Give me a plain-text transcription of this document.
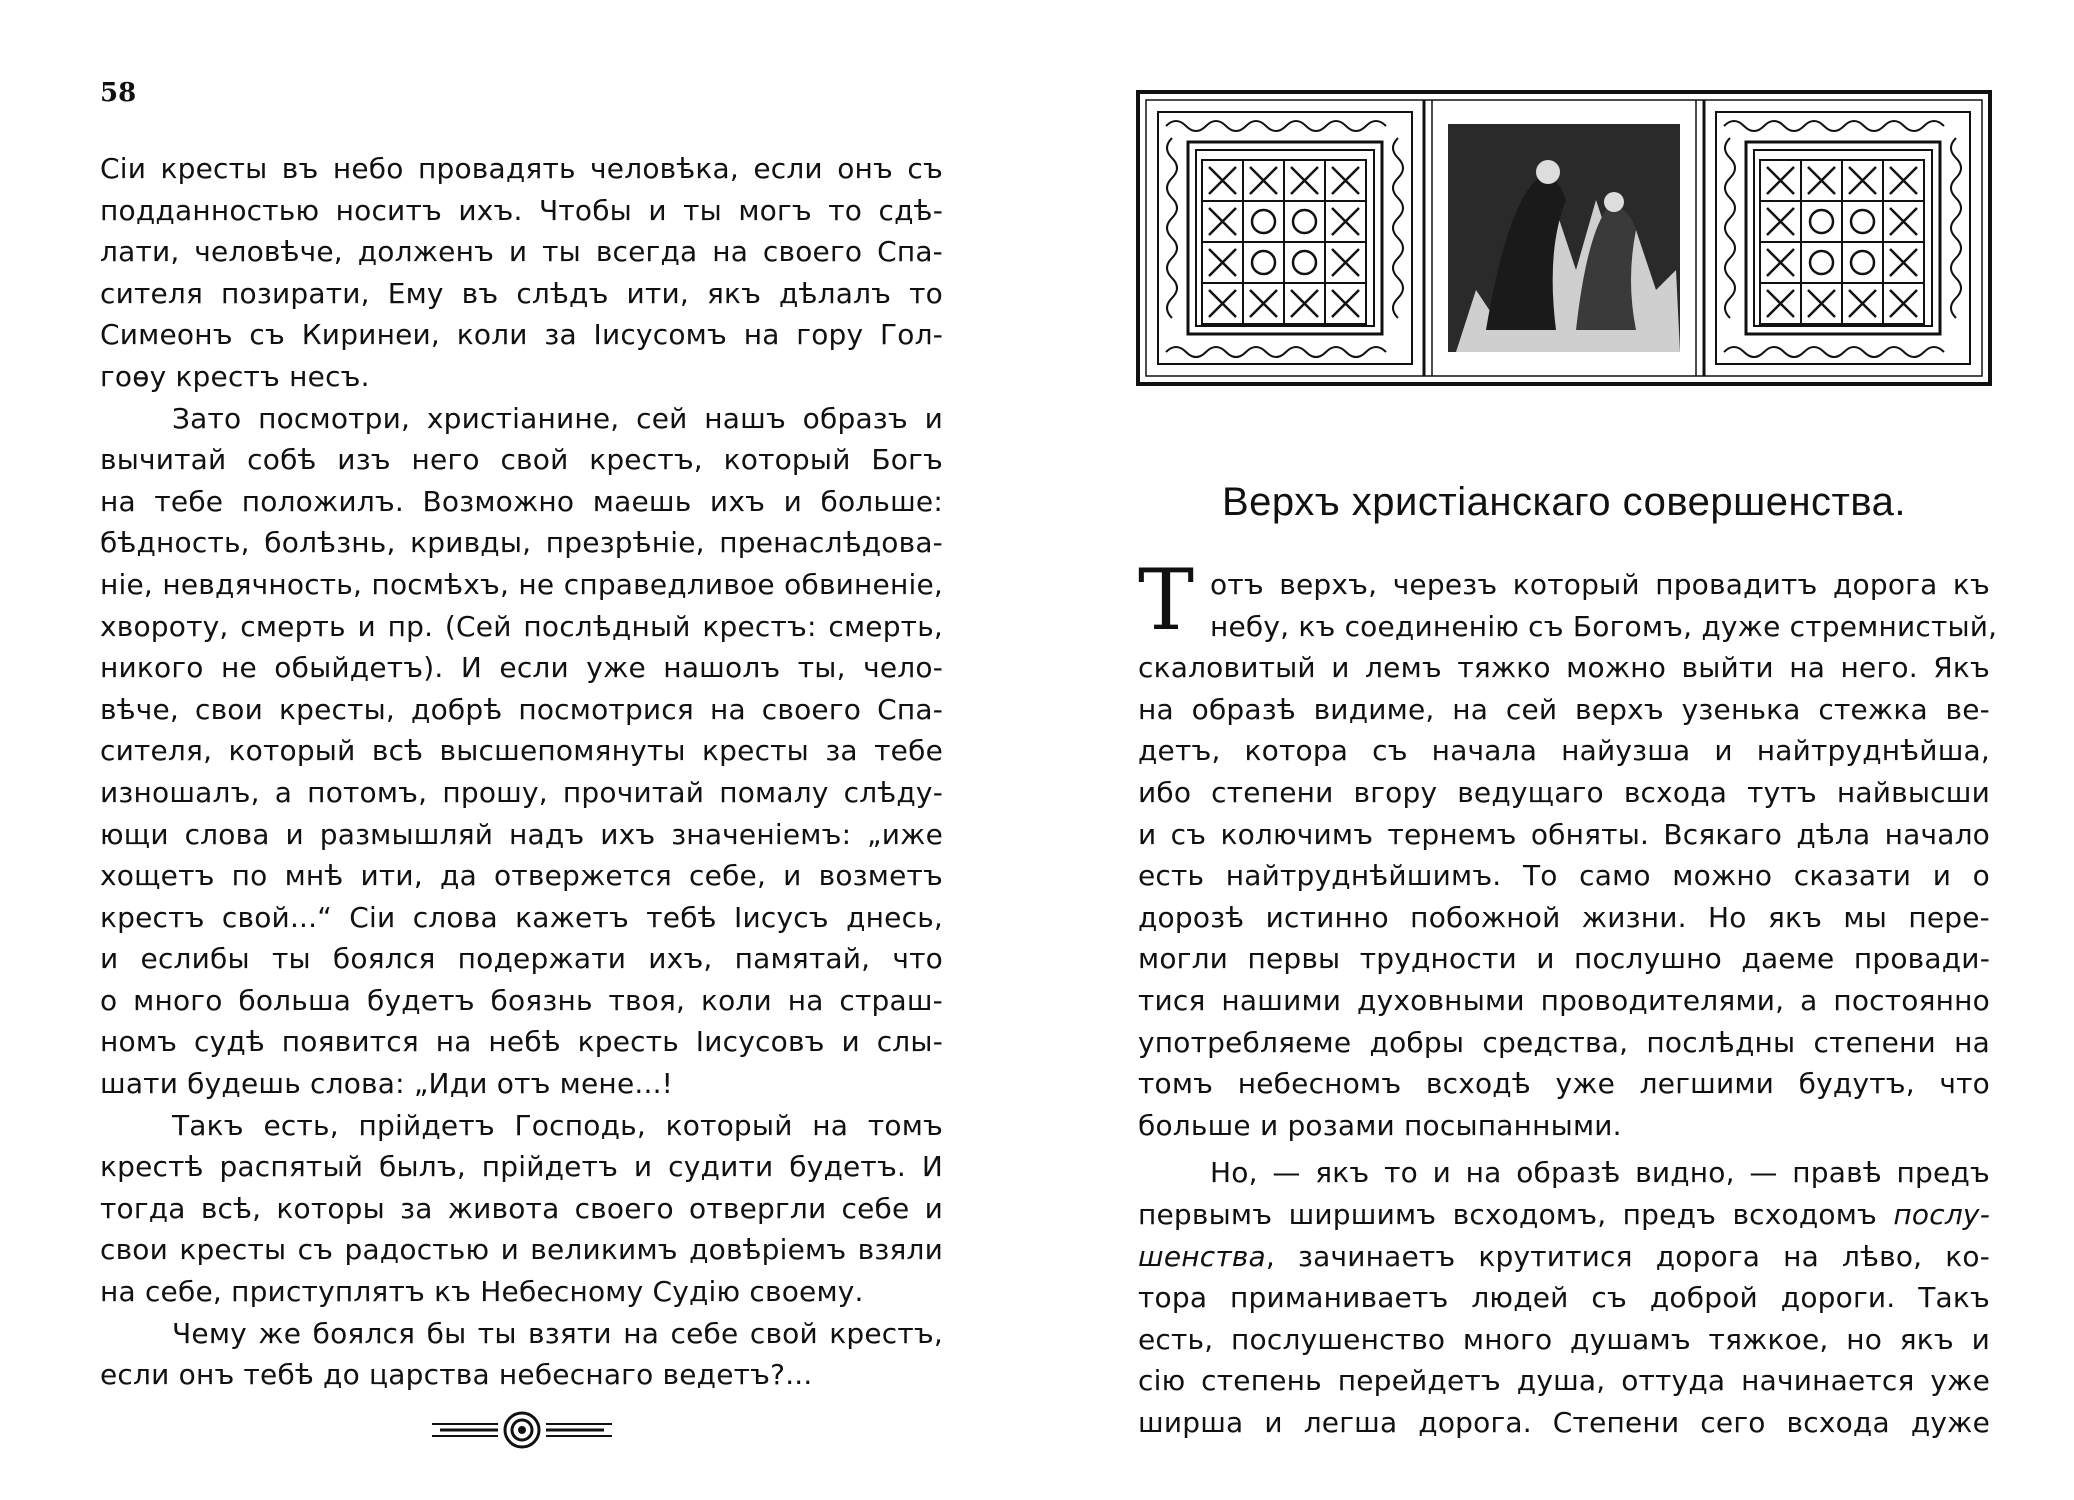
58
Сіи кресты въ небо провадять человѣка, если онъ съ
подданностью носитъ ихъ. Чтобы и ты могъ то сдѣ-
лати, человѣче, долженъ и ты всегда на своего Спа-
сителя позирати, Ему въ слѣдъ ити, якъ дѣлалъ то
Симеонъ съ Киринеи, коли за Іисусомъ на гору Гол-
гоѳу крестъ несъ.
Зато посмотри, христіанине, сей нашъ образъ и
вычитай собѣ изъ него свой крестъ, который Богъ
на тебе положилъ. Возможно маешь ихъ и больше:
бѣдность, болѣзнь, кривды, презрѣніе, пренаслѣдова-
ніе, невдячность, посмѣхъ, не справедливое обвиненіе,
хвороту, смерть и пр. (Сей послѣдный крестъ: смерть,
никого не обыйдетъ). И если уже нашолъ ты, чело-
вѣче, свои кресты, добрѣ посмотрися на своего Спа-
сителя, который всѣ высшепомянуты кресты за тебе
изношалъ, а потомъ, прошу, прочитай помалу слѣду-
ющи слова и размышляй надъ ихъ значеніемъ: „иже
хощетъ по мнѣ ити, да отвержется себе, и возметъ
крестъ свой...“ Сіи слова кажетъ тебѣ Іисусъ днесь,
и еслибы ты боялся подержати ихъ, памятай, что
о много больша будетъ боязнь твоя, коли на страш-
номъ судѣ появится на небѣ кресть Іисусовъ и слы-
шати будешь слова: „Иди отъ мене...!
Такъ есть, прійдетъ Господь, который на томъ
крестѣ распятый былъ, прійдетъ и судити будетъ. И
тогда всѣ, которы за живота своего отвергли себе и
свои кресты съ радостью и великимъ довѣріемъ взяли
на себе, приступлятъ къ Небесному Судію своему.
Чему же боялся бы ты взяти на себе свой крестъ,
если онъ тебѣ до царства небеснаго ведетъ?...
Верхъ христіанскаго совершенства.
Т отъ верхъ, черезъ который провадитъ дорога къ
небу, къ соединенію съ Богомъ, дуже стремнистый,
скаловитый и лемъ тяжко можно выйти на него. Якъ
на образѣ видиме, на сей верхъ узенька стежка ве-
детъ, котора съ начала найузша и найтруднѣйша,
ибо степени вгору ведущаго всхода тутъ найвысши
и съ колючимъ тернемъ обняты. Всякаго дѣла начало
есть найтруднѣйшимъ. То само можно сказати и о
дорозѣ истинно побожной жизни. Но якъ мы пере-
могли первы трудности и послушно даеме провади-
тися нашими духовными проводителями, а постоянно
употребляеме добры средства, послѣдны степени на
томъ небесномъ всходѣ уже легшими будутъ, что
больше и розами посыпанными.
Но, — якъ то и на образѣ видно, — правѣ предъ
первымъ ширшимъ всходомъ, предъ всходомъ послу-
шенства, зачинаетъ крутитися дорога на лѣво, ко-
тора приманиваетъ людей съ доброй дороги. Такъ
есть, послушенство много душамъ тяжкое, но якъ и
сію степень перейдетъ душа, оттуда начинается уже
ширша и легша дорога. Степени сего всхода дуже
